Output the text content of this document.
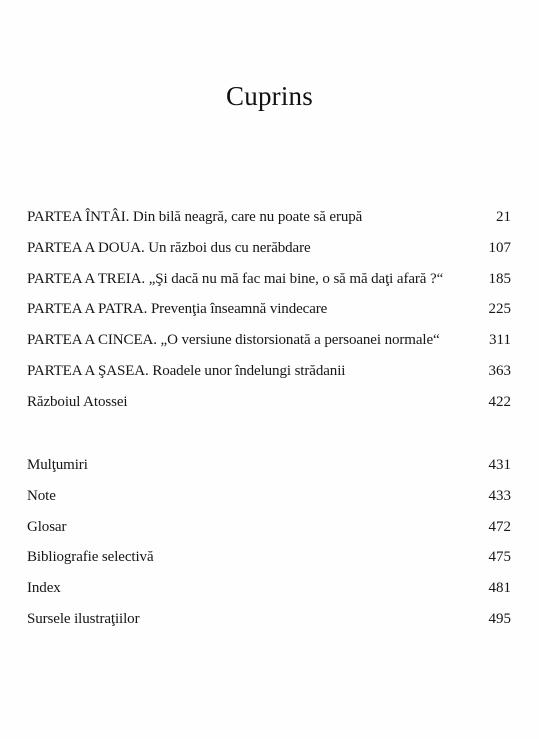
Cuprins
PARTEA ÎNTÂI. Din bilă neagră, care nu poate să erupă	21
PARTEA A DOUA. Un război dus cu nerăbdare	107
PARTEA A TREIA. „Şi dacă nu mă fac mai bine, o să mă daţi afară ?“	185
PARTEA A PATRA. Prevenţia înseamnă vindecare	225
PARTEA A CINCEA. „O versiune distorsionată a persoanei normale“	311
PARTEA A ŞASEA. Roadele unor îndelungi strădanii	363
Războiul Atossei	422
Mulţumiri	431
Note	433
Glosar	472
Bibliografie selectivă	475
Index	481
Sursele ilustraţiilor	495
